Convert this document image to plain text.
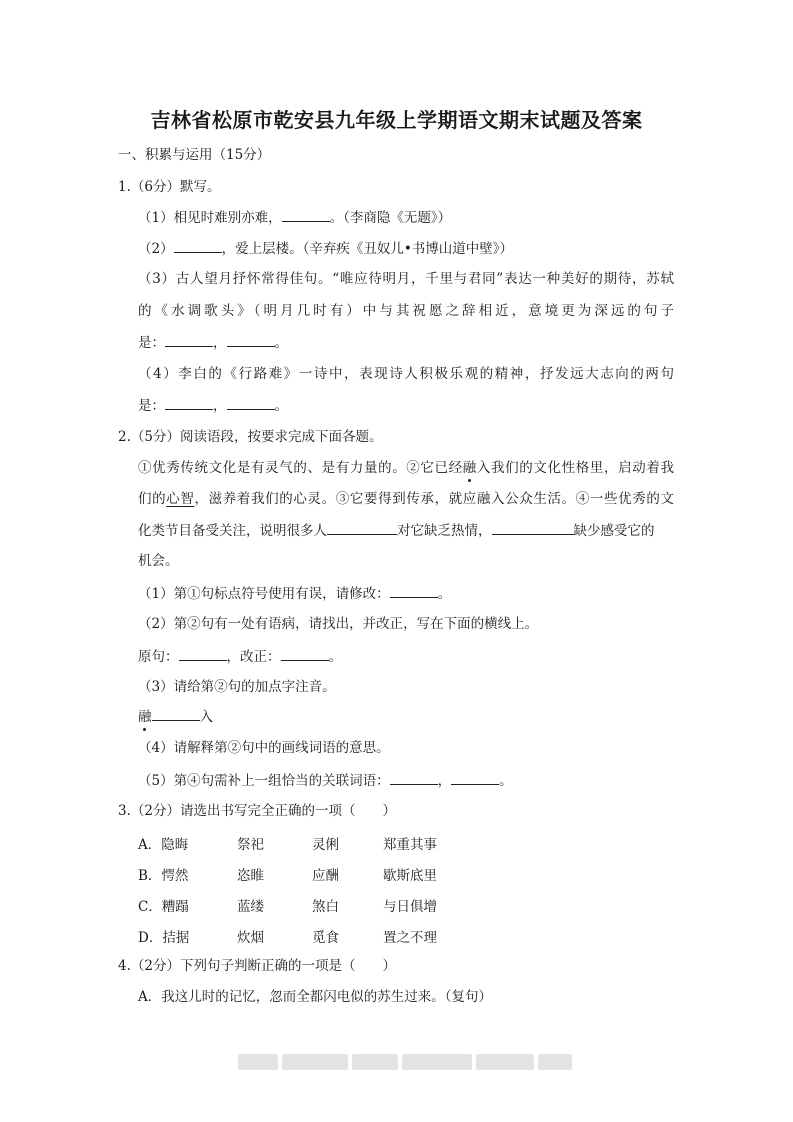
吉林省松原市乾安县九年级上学期语文期末试题及答案
一、积累与运用（15分）
1.（6分）默写。
（1）相见时难别亦难，	。（李商隐《无题》）
（2）	，爱上层楼。（辛弃疾《丑奴儿•书博山道中壁》）
（3）古人望月抒怀常得佳句。“唯应待明月，千里与君同”表达一种美好的期待，苏轼
的《水调歌头》（明月几时有）中与其祝愿之辞相近，意境更为深远的句子
是：	，	。
（4）李白的《行路难》一诗中，表现诗人积极乐观的精神，抒发远大志向的两句
是：	，	。
2.（5分）阅读语段，按要求完成下面各题。
①优秀传统文化是有灵气的、是有力量的。②它已经融入我们的文化性格里，启动着我
们的心智，滋养着我们的心灵。③它要得到传承，就应融入公众生活。④一些优秀的文
化类节目备受关注，说明很多人	对它缺乏热情，	缺少感受它的
机会。
（1）第①句标点符号使用有误，请修改：	。
（2）第②句有一处有语病，请找出，并改正，写在下面的横线上。
原句：	，改正：	。
（3）请给第②句的加点字注音。
融	入
（4）请解释第②句中的画线词语的意思。
（5）第④句需补上一组恰当的关联词语：	，	。
3.（2分）请选出书写完全正确的一项（　　）
A．隐晦	祭祀	灵俐	郑重其事
B．愕然	恣睢	应酬	歇斯底里
C．糟蹋	蓝缕	煞白	与日俱增
D．拮据	炊烟	觅食	置之不理
4.（2分）下列句子判断正确的一项是（　　）
A．我这儿时的记忆，忽而全都闪电似的苏生过来。（复句）
